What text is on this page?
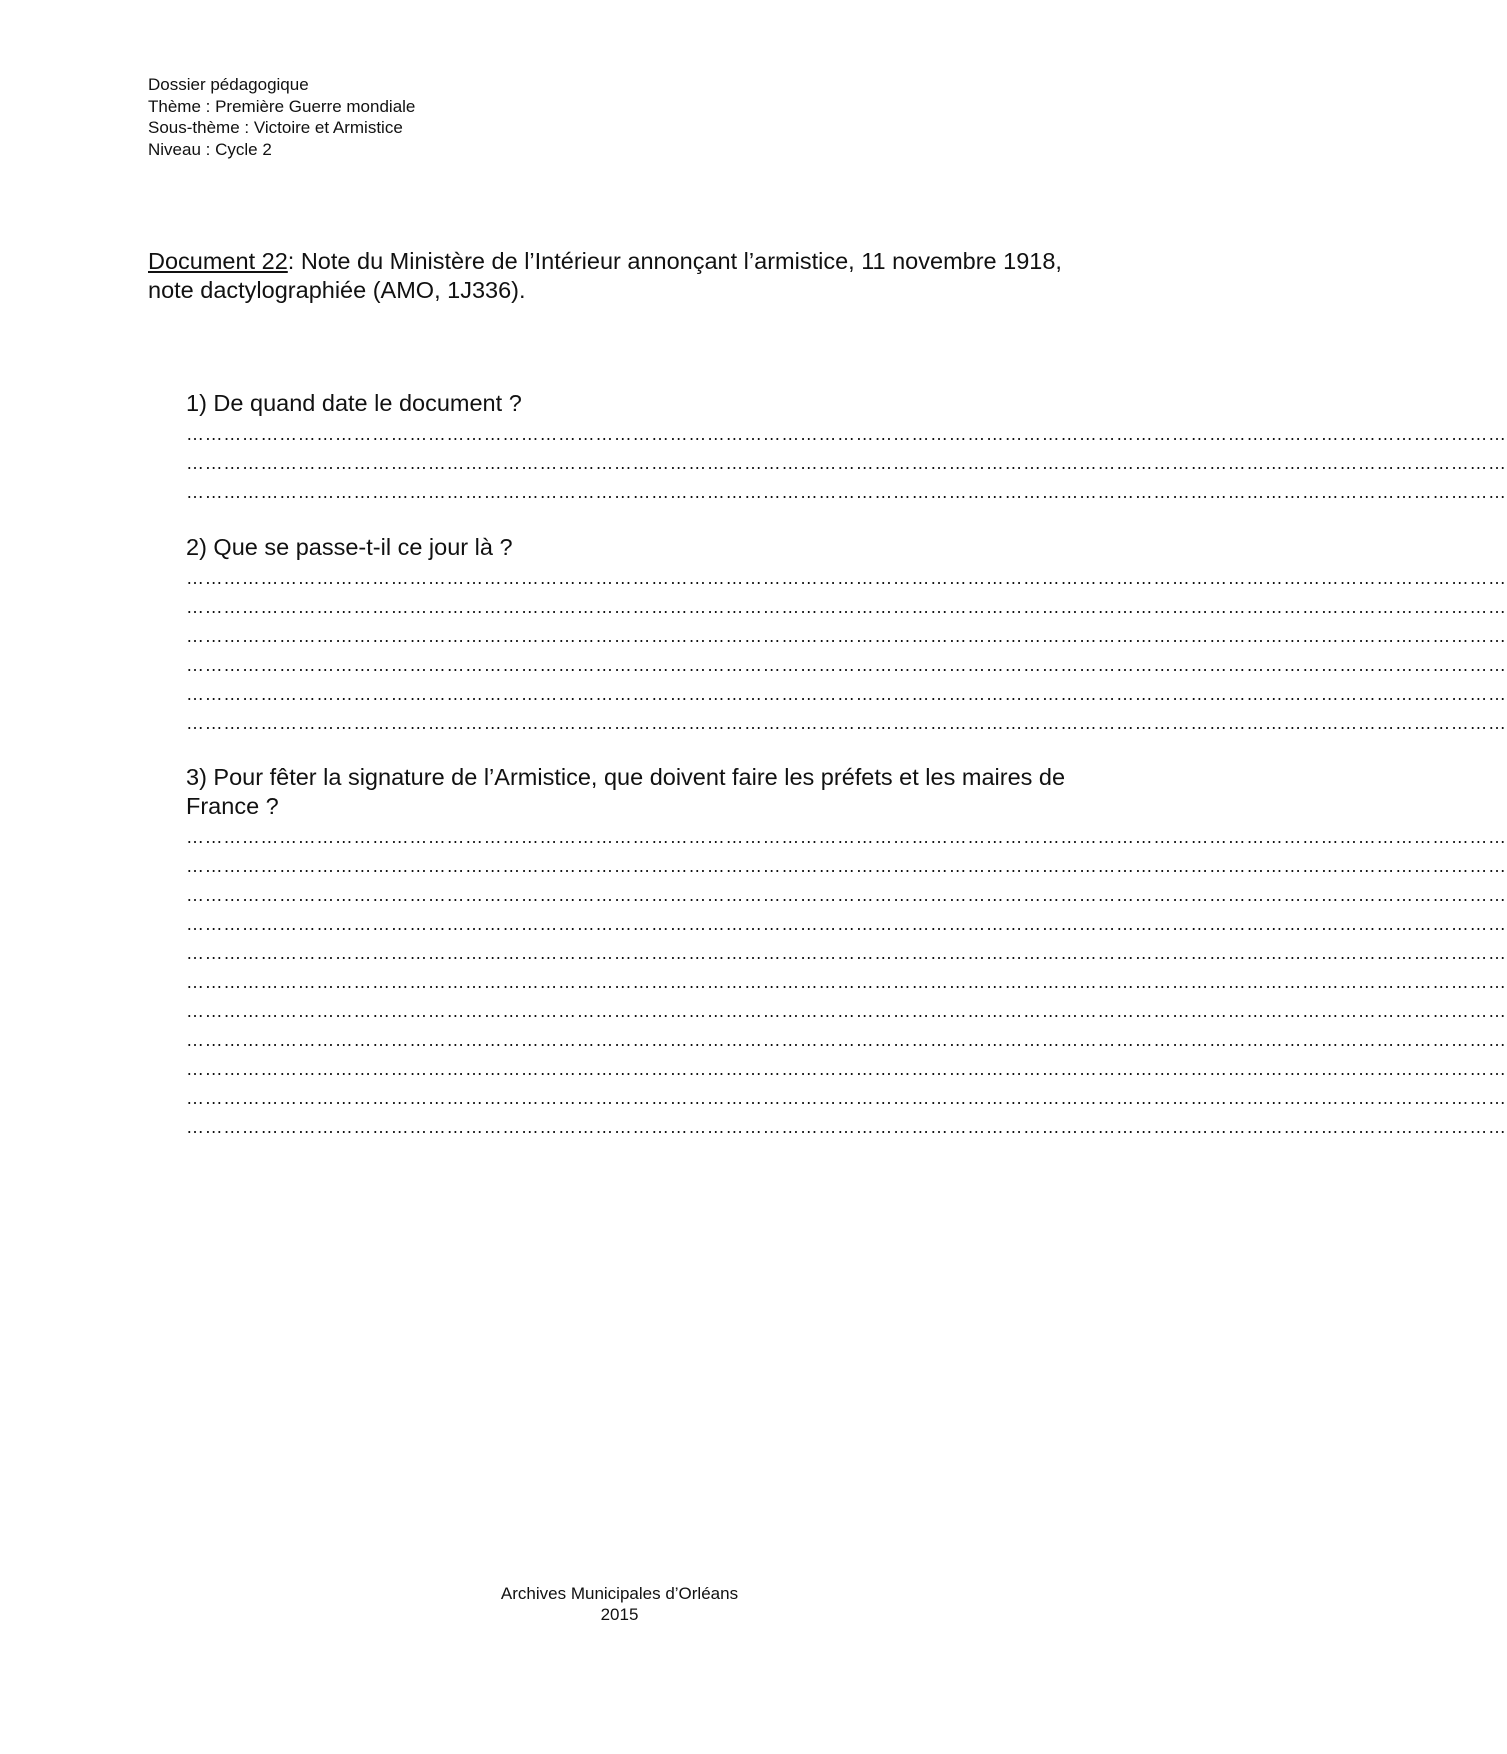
Dossier pédagogique
Thème : Première Guerre mondiale
Sous-thème : Victoire et Armistice
Niveau : Cycle 2
Document 22: Note du Ministère de l’Intérieur annonçant l’armistice, 11 novembre 1918, note dactylographiée (AMO, 1J336).
1) De quand date le document ?
……………………………………………………………………………………………………………………………………………………………………………………………
……………………………………………………………………………………………………………………………………………………………………………………………
……………………………………………………………………………………………………………………………………………………………………………………………
2) Que se passe-t-il ce jour là ?
……………………………………………………………………………………………………………………………………………………………………………………………
……………………………………………………………………………………………………………………………………………………………………………………………
……………………………………………………………………………………………………………………………………………………………………………………………
……………………………………………………………………………………………………………………………………………………………………………………………
……………………………………………………………………………………………………………………………………………………………………………………………
……………………………………………………………………………………………………………………………………………………………………………………………
3) Pour fêter la signature de l’Armistice, que doivent faire les préfets et les maires de France ?
……………………………………………………………………………………………………………………………………………………………………………………………
……………………………………………………………………………………………………………………………………………………………………………………………
……………………………………………………………………………………………………………………………………………………………………………………………
……………………………………………………………………………………………………………………………………………………………………………………………
……………………………………………………………………………………………………………………………………………………………………………………………
……………………………………………………………………………………………………………………………………………………………………………………………
……………………………………………………………………………………………………………………………………………………………………………………………
……………………………………………………………………………………………………………………………………………………………………………………………
……………………………………………………………………………………………………………………………………………………………………………………………
……………………………………………………………………………………………………………………………………………………………………………………………
……………………………………………………………………………………………………………………………………………………………………………………………
Archives Municipales d’Orléans
2015
